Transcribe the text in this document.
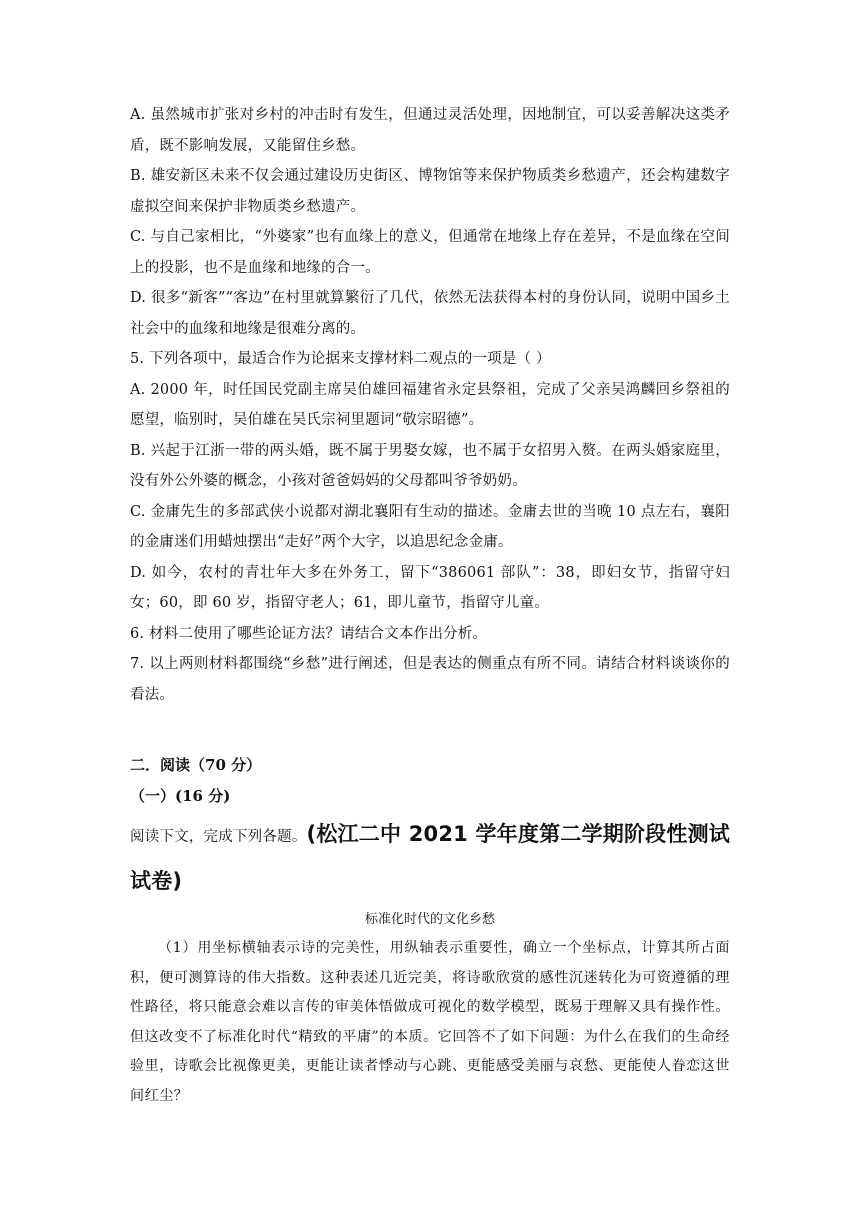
A. 虽然城市扩张对乡村的冲击时有发生，但通过灵活处理，因地制宜，可以妥善解决这类矛盾，既不影响发展，又能留住乡愁。

B. 雄安新区未来不仅会通过建设历史街区、博物馆等来保护物质类乡愁遗产，还会构建数字虚拟空间来保护非物质类乡愁遗产。

C. 与自己家相比，“外婆家”也有血缘上的意义，但通常在地缘上存在差异，不是血缘在空间上的投影，也不是血缘和地缘的合一。

D. 很多“新客”“客边”在村里就算繁衍了几代，依然无法获得本村的身份认同，说明中国乡土社会中的血缘和地缘是很难分离的。

5. 下列各项中，最适合作为论据来支撑材料二观点的一项是（ ）

A. 2000 年，时任国民党副主席吴伯雄回福建省永定县祭祖，完成了父亲吴鸿麟回乡祭祖的愿望，临别时，吴伯雄在吴氏宗祠里题词“敬宗昭德”。

B. 兴起于江浙一带的两头婚，既不属于男娶女嫁，也不属于女招男入赘。在两头婚家庭里，没有外公外婆的概念，小孩对爸爸妈妈的父母都叫爷爷奶奶。

C. 金庸先生的多部武侠小说都对湖北襄阳有生动的描述。金庸去世的当晚 10 点左右，襄阳的金庸迷们用蜡烛摆出“走好”两个大字，以追思纪念金庸。

D. 如今，农村的青壮年大多在外务工，留下“386061 部队”：38，即妇女节，指留守妇女；60，即 60 岁，指留守老人；61，即儿童节，指留守儿童。

6. 材料二使用了哪些论证方法？请结合文本作出分析。

7. 以上两则材料都围绕“乡愁”进行阐述，但是表达的侧重点有所不同。请结合材料谈谈你的看法。

二．阅读（70 分）

（一）(16 分)

阅读下文，完成下列各题。(松江二中 2021 学年度第二学期阶段性测试试卷)

标准化时代的文化乡愁

（1）用坐标横轴表示诗的完美性，用纵轴表示重要性，确立一个坐标点，计算其所占面积，便可测算诗的伟大指数。这种表述几近完美，将诗歌欣赏的感性沉迷转化为可资遵循的理性路径，将只能意会难以言传的审美体悟做成可视化的数学模型，既易于理解又具有操作性。但这改变不了标准化时代“精致的平庸”的本质。它回答不了如下问题：为什么在我们的生命经验里，诗歌会比视像更美，更能让读者悸动与心跳、更能感受美丽与哀愁、更能使人眷恋这世间红尘？
